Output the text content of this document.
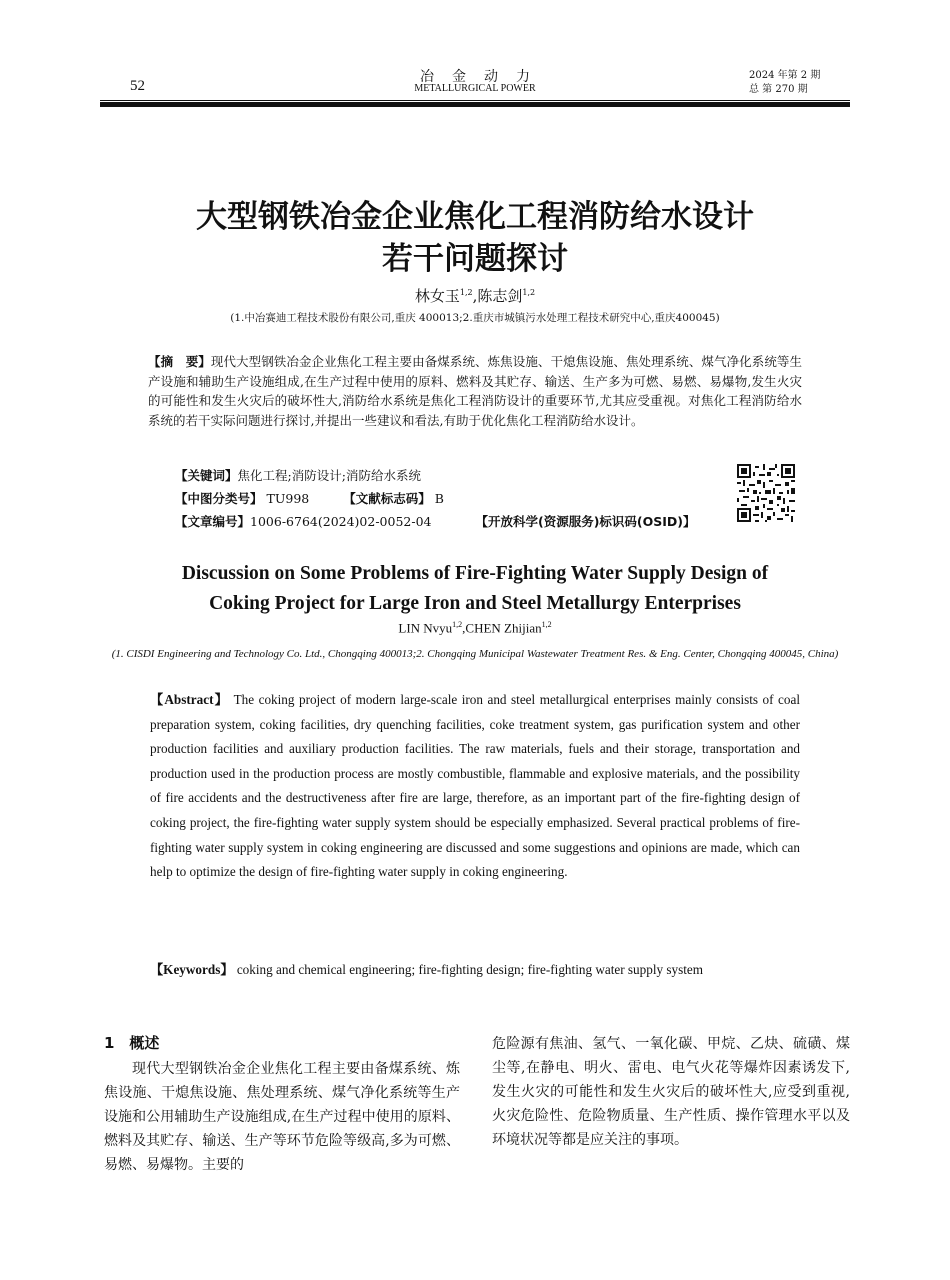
52
冶金动力
METALLURGICAL POWER
2024 年第 2 期
总 第 270 期
大型钢铁冶金企业焦化工程消防给水设计
若干问题探讨
林女玉$^{1,2}$,陈志剑$^{1,2}$
(1.中冶赛迪工程技术股份有限公司,重庆 400013;2.重庆市城镇污水处理工程技术研究中心,重庆400045)
【摘　要】现代大型钢铁冶金企业焦化工程主要由备煤系统、炼焦设施、干熄焦设施、焦处理系统、煤气净化系统等生产设施和辅助生产设施组成,在生产过程中使用的原料、燃料及其贮存、输送、生产多为可燃、易燃、易爆物,发生火灾的可能性和发生火灾后的破坏性大,消防给水系统是焦化工程消防设计的重要环节,尤其应受重视。对焦化工程消防给水系统的若干实际问题进行探讨,并提出一些建议和看法,有助于优化焦化工程消防给水设计。
【关键词】焦化工程;消防设计;消防给水系统
【中图分类号】 TU998	【文献标志码】 B
【文章编号】1006-6764(2024)02-0052-04	【开放科学(资源服务)标识码(OSID)】
Discussion on Some Problems of Fire-Fighting Water Supply Design of
Coking Project for Large Iron and Steel Metallurgy Enterprises
LIN Nvyu$^{1,2}$,CHEN Zhijian$^{1,2}$
(1. CISDI Engineering and Technology Co. Ltd., Chongqing 400013;2. Chongqing Municipal Wastewater Treatment Res. & Eng. Center, Chongqing 400045, China)
【Abstract】 The coking project of modern large-scale iron and steel metallurgical enterprises mainly consists of coal preparation system, coking facilities, dry quenching facilities, coke treatment system, gas purification system and other production facilities and auxiliary production facilities. The raw materials, fuels and their storage, transportation and production used in the production process are mostly combustible, flammable and explosive materials, and the possibility of fire accidents and the destructiveness after fire are large, therefore, as an important part of the fire-fighting design of coking project, the fire-fighting water supply system should be especially emphasized. Several practical problems of fire-fighting water supply system in coking engineering are discussed and some suggestions and opinions are made, which can help to optimize the design of fire-fighting water supply in coking engineering.
【Keywords】 coking and chemical engineering; fire-fighting design; fire-fighting water supply system
1　概述
现代大型钢铁冶金企业焦化工程主要由备煤系统、炼焦设施、干熄焦设施、焦处理系统、煤气净化系统等生产设施和公用辅助生产设施组成,在生产过程中使用的原料、燃料及其贮存、输送、生产等环节危险等级高,多为可燃、易燃、易爆物。主要的
危险源有焦油、氢气、一氧化碳、甲烷、乙炔、硫磺、煤尘等,在静电、明火、雷电、电气火花等爆炸因素诱发下,发生火灾的可能性和发生火灾后的破坏性大,应受到重视,火灾危险性、危险物质量、生产性质、操作管理水平以及环境状况等都是应关注的事项。
